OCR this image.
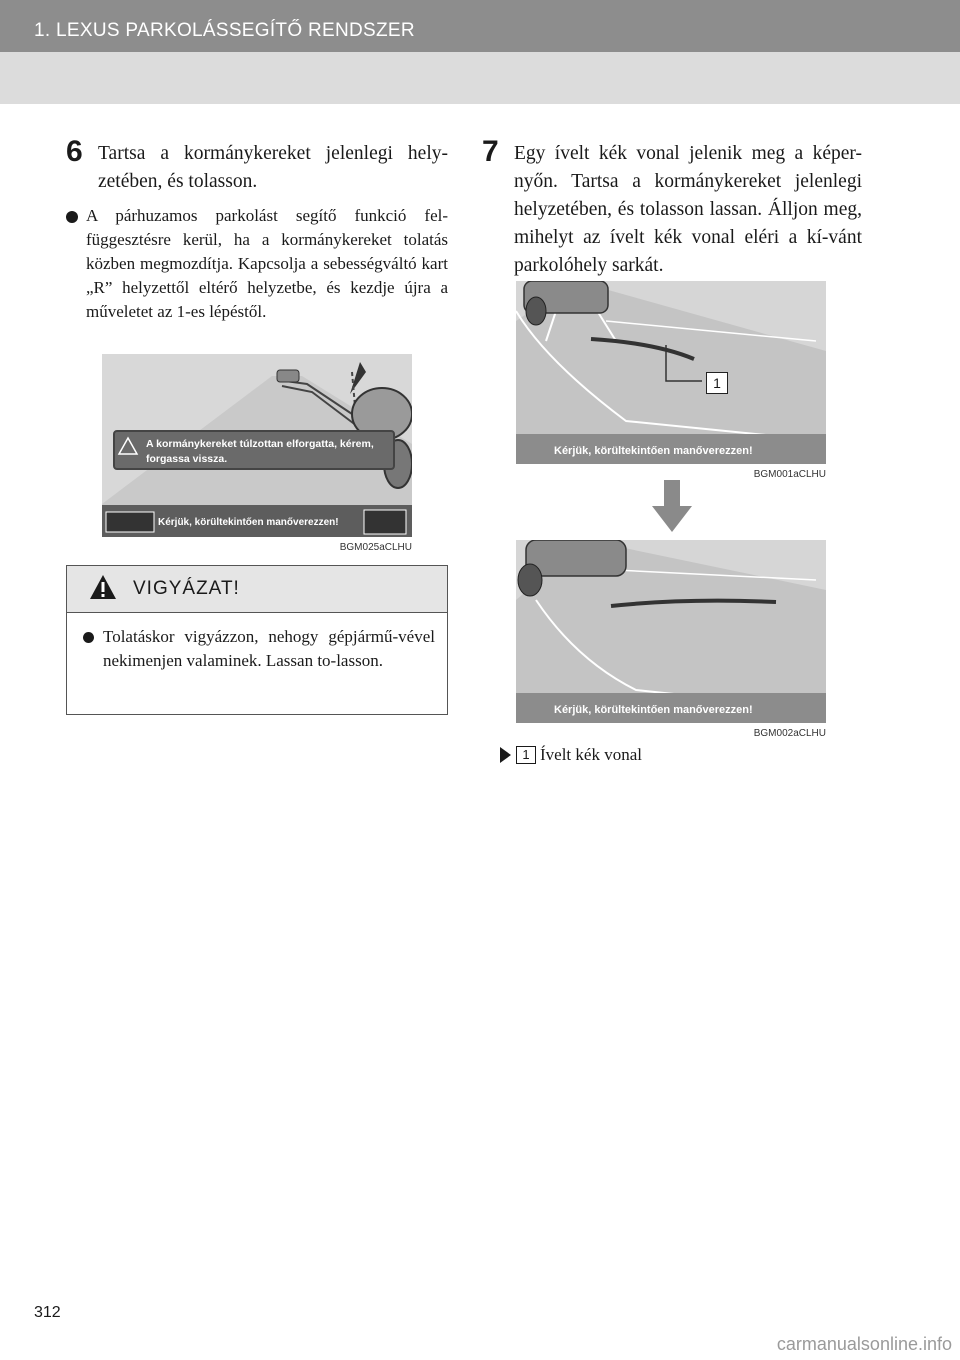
1. LEXUS PARKOLÁSSEGÍTŐ RENDSZER
6 Tartsa a kormánykereket jelenlegi hely-zetében, és tolasson.
A párhuzamos parkolást segítő funkció fel-függesztésre kerül, ha a kormánykereket tolatás közben megmozdítja. Kapcsolja a sebességváltó kart „R” helyzettől eltérő helyzetbe, és kezdje újra a műveletet az 1-es lépéstől.
A kormánykereket túlzottan elforgatta, kérem,
forgassa vissza.
Kérjük, körültekintően manőverezzen!
BGM025aCLHU
VIGYÁZAT!
Tolatáskor vigyázzon, nehogy gépjármű-vével nekimenjen valaminek. Lassan to-lasson.
7 Egy ívelt kék vonal jelenik meg a képer-nyőn. Tartsa a kormánykereket jelenlegi helyzetében, és tolasson lassan. Álljon meg, mihelyt az ívelt kék vonal eléri a kí-vánt parkolóhely sarkát.
1
Kérjük, körültekintően manőverezzen!
BGM001aCLHU
Kérjük, körültekintően manőverezzen!
BGM002aCLHU
1 Ívelt kék vonal
312
carmanualsonline.info
